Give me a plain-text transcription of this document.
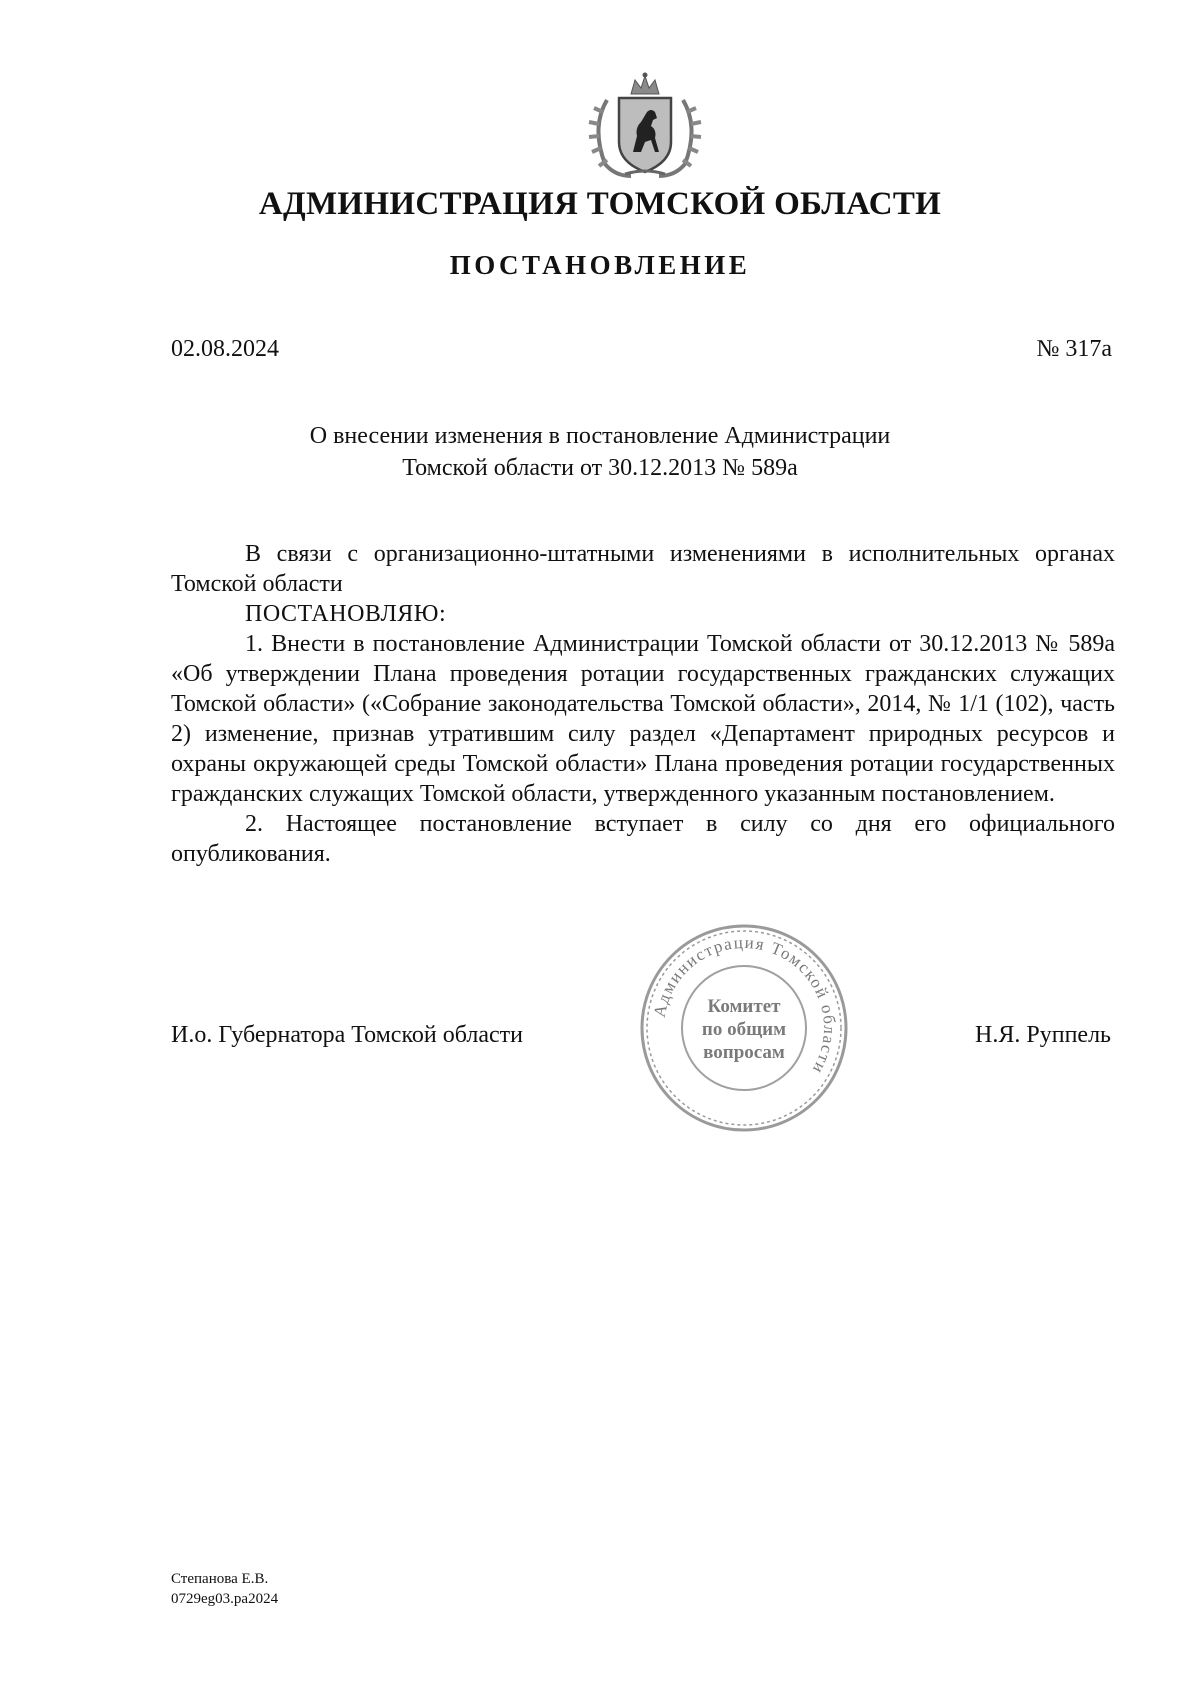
АДМИНИСТРАЦИЯ ТОМСКОЙ ОБЛАСТИ
ПОСТАНОВЛЕНИЕ
02.08.2024	№ 317а
О внесении изменения в постановление Администрации
Томской области от 30.12.2013 № 589а

В связи с организационно-штатными изменениями в исполнительных органах Томской области

ПОСТАНОВЛЯЮ:

1. Внести в постановление Администрации Томской области от 30.12.2013 № 589а «Об утверждении Плана проведения ротации государственных гражданских служащих Томской области» («Собрание законодательства Томской области», 2014, № 1/1 (102), часть 2) изменение, признав утратившим силу раздел «Департамент природных ресурсов и охраны окружающей среды Томской области» Плана проведения ротации государственных гражданских служащих Томской области, утвержденного указанным постановлением.

2. Настоящее постановление вступает в силу со дня его официального опубликования.

И.о. Губернатора Томской области
Администрация Томской области
Комитет
по общим
вопросам
Н.Я. Руппель
Степанова Е.В.
0729eg03.pa2024
